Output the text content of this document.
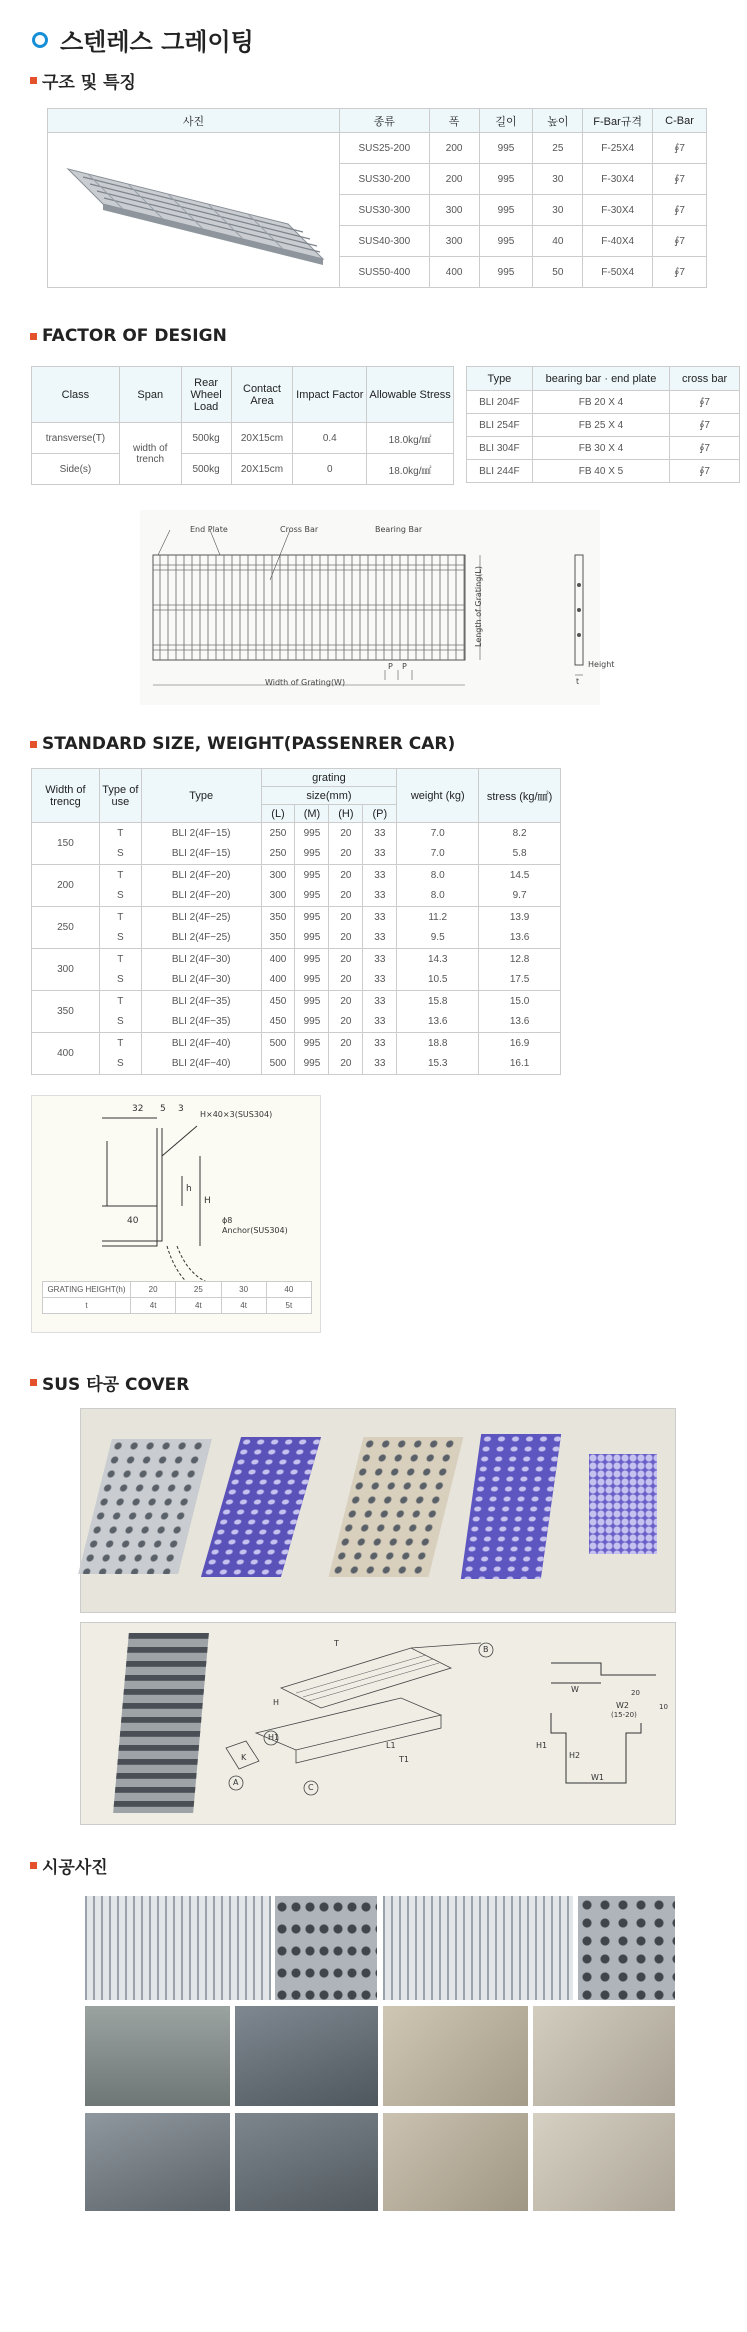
스텐레스 그레이팅
구조 및 특징
사진	종류	폭	길이	높이	F-Bar규격	C-Bar
	SUS25-200	200	995	25	F-25X4	∮7
	SUS30-200	200	995	30	F-30X4	∮7
	SUS30-300	300	995	30	F-30X4	∮7
	SUS40-300	300	995	40	F-40X4	∮7
	SUS50-400	400	995	50	F-50X4	∮7
FACTOR OF DESIGN
Class	Span	Rear Wheel Load	Contact Area	Impact Factor	Allowable Stress
transverse(T)	width of trench	500kg	20X15cm	0.4	18.0kg/㎟
Side(s)		500kg	20X15cm	0	18.0kg/㎟
Type	bearing bar · end plate	cross bar
BLI 204F	FB 20 X 4	∮7
BLI 254F	FB 25 X 4	∮7
BLI 304F	FB 30 X 4	∮7
BLI 244F	FB 40 X 5	∮7
End Plate	Cross Bar	Bearing Bar
Length of Grating(L)
Width of Grating(W)
P P	Height
t
STANDARD SIZE, WEIGHT(PASSENRER CAR)
Width of trencg	Type of use	Type	grating				weight (kg)	stress (kg/㎟)
			size(mm)					
			(L)	(M)	(H)	(P)		
150	T	BLI 2(4F−15)	250	995	20	33	7.0	8.2
	S	BLI 2(4F−15)	250	995	20	33	7.0	5.8
200	T	BLI 2(4F−20)	300	995	20	33	8.0	14.5
	S	BLI 2(4F−20)	300	995	20	33	8.0	9.7
250	T	BLI 2(4F−25)	350	995	20	33	11.2	13.9
	S	BLI 2(4F−25)	350	995	20	33	9.5	13.6
300	T	BLI 2(4F−30)	400	995	20	33	14.3	12.8
	S	BLI 2(4F−30)	400	995	20	33	10.5	17.5
350	T	BLI 2(4F−35)	450	995	20	33	15.8	15.0
	S	BLI 2(4F−35)	450	995	20	33	13.6	13.6
400	T	BLI 2(4F−40)	500	995	20	33	18.8	16.9
	S	BLI 2(4F−40)	500	995	20	33	15.3	16.1
32 5 3
H×40×3(SUS304)
h
H
40	ϕ8
Anchor(SUS304)
GRATING HEIGHT(h)	20	25	30	40
t	4t	4t	4t	5t
SUS 타공 COVER
T
B
H
H1
A
C
L1
T1
K
W
H1
H2
W1
W2
(15-20)
20
10
시공사진
